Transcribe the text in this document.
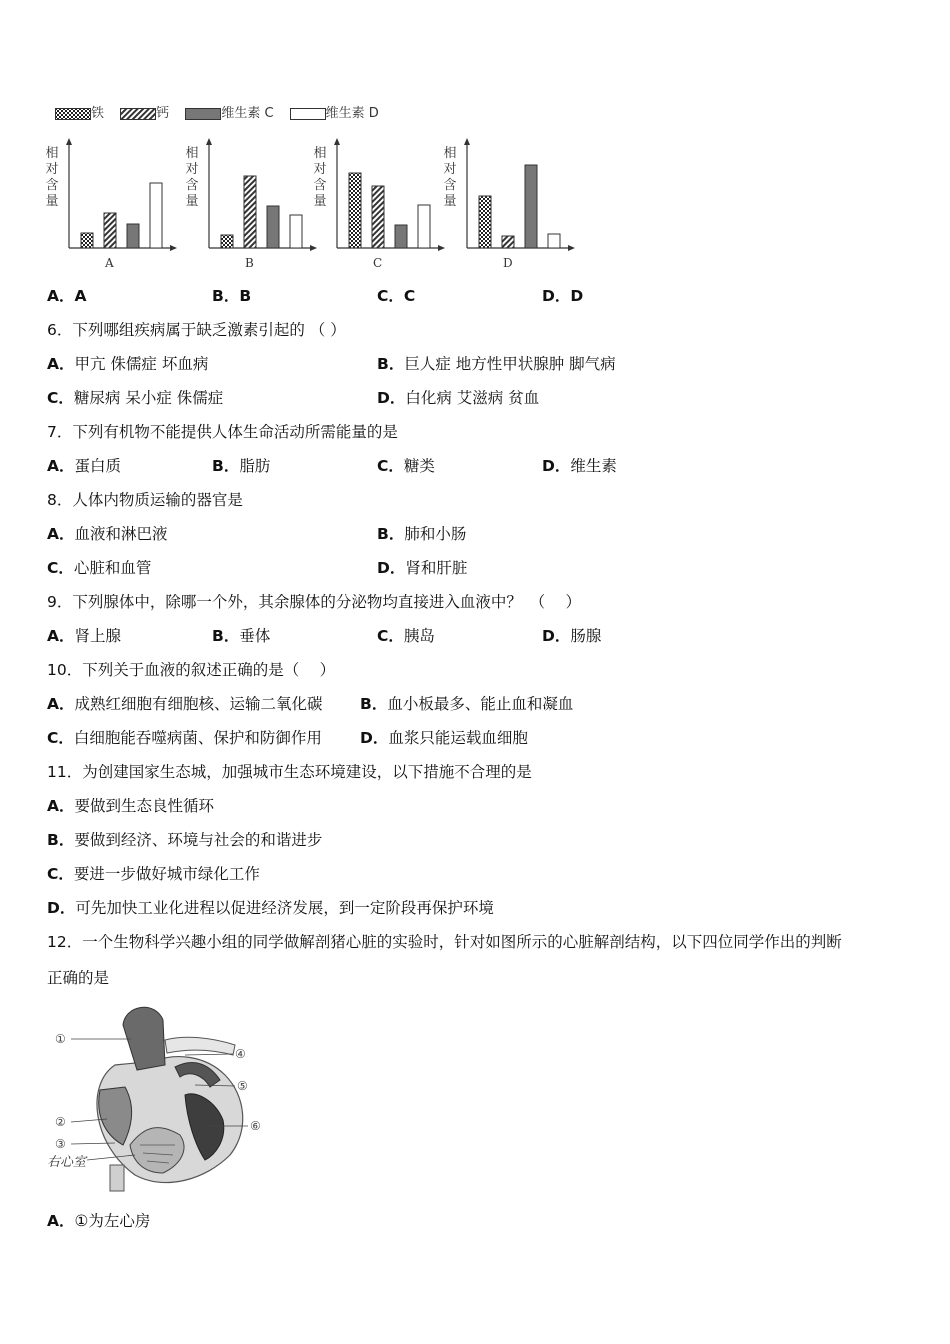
铁	钙	维生素 C	维生素 D
相
对
含
量
A
相
对
含
量
B
相
对
含
量
C
相
对
含
量
D
A．A	B．B	C．C	D．D
6．下列哪组疾病属于缺乏激素引起的 （ ）
A．甲亢 侏儒症 坏血病	B．巨人症 地方性甲状腺肿 脚气病
C．糖尿病 呆小症 侏儒症	D．白化病 艾滋病 贫血
7．下列有机物不能提供人体生命活动所需能量的是
A．蛋白质	B．脂肪	C．糖类	D．维生素
8．人体内物质运输的器官是
A．血液和淋巴液	B．肺和小肠
C．心脏和血管	D．肾和肝脏
9．下列腺体中，除哪一个外，其余腺体的分泌物均直接进入血液中？　（　 ）
A．肾上腺	B．垂体	C．胰岛	D．肠腺
10．下列关于血液的叙述正确的是（　 ）
A．成熟红细胞有细胞核、运输二氧化碳 B．血小板最多、能止血和凝血
C．白细胞能吞噬病菌、保护和防御作用 D．血浆只能运载血细胞
11．为创建国家生态城，加强城市生态环境建设，以下措施不合理的是
A．要做到生态良性循环
B．要做到经济、环境与社会的和谐进步
C．要进一步做好城市绿化工作
D．可先加快工业化进程以促进经济发展，到一定阶段再保护环境
12．一个生物科学兴趣小组的同学做解剖猪心脏的实验时，针对如图所示的心脏解剖结构，以下四位同学作出的判断
正确的是
①
②
③
④
⑤
⑥
右心室
A．①为左心房
